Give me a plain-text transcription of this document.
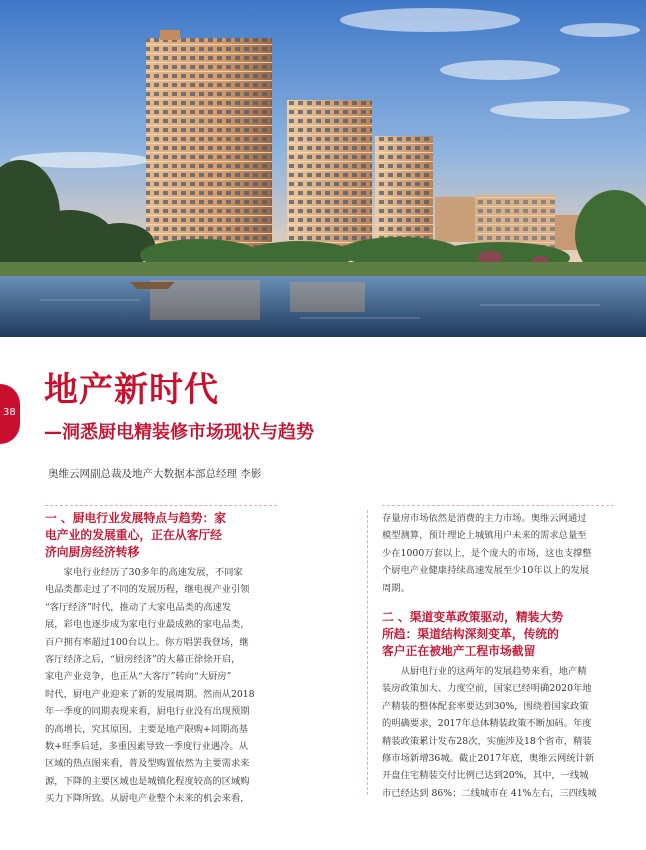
38
地产新时代
—洞悉厨电精装修市场现状与趋势
奥维云网副总裁及地产大数据本部总经理 李影
一 、厨电行业发展特点与趋势：家
电产业的发展重心，正在从客厅经
济向厨房经济转移
　　家电行业经历了30多年的高速发展，不同家
电品类都走过了不同的发展历程，继电视产业引领
“客厅经济”时代，推动了大家电品类的高速发
展，彩电也逐步成为家电行业最成熟的家电品类，
百户拥有率超过100台以上。你方唱罢我登场，继
客厅经济之后，“厨房经济”的大幕正徐徐开启，
家电产业竞争，也正从“大客厅”转向“大厨房”
时代，厨电产业迎来了新的发展周期。然而从2018
年一季度的同期表现来看，厨电行业没有出现预期
的高增长，究其原因，主要是地产限购+同期高基
数+旺季后延，多重因素导致一季度行业遇冷。从
区域的热点图来看，普及型购置依然为主要需求来
源，下降的主要区域也是城镇化程度较高的区域购
买力下降所致。从厨电产业整个未来的机会来看，
存量房市场依然是消费的主力市场。奥维云网通过
模型测算，预计理论上城镇用户未来的需求总量至
少在1000万套以上，是个庞大的市场，这也支撑整
个厨电产业健康持续高速发展至少10年以上的发展
周期。
二 、渠道变革政策驱动，精装大势
所趋：渠道结构深刻变革，传统的
客户正在被地产工程市场截留
　　从厨电行业的这两年的发展趋势来看，地产精
装房政策加大、力度空前，国家已经明确2020年地
产精装的整体配套率要达到30%，围绕着国家政策
的明确要求，2017年总体精装政策不断加码。年度
精装政策累计发布28次，实施涉及18个省市，精装
修市场新增36城。截止2017年底，奥维云网统计新
开盘住宅精装交付比例已达到20%，其中，一线城
市已经达到 86%；二线城市在 41%左右，三四线城
